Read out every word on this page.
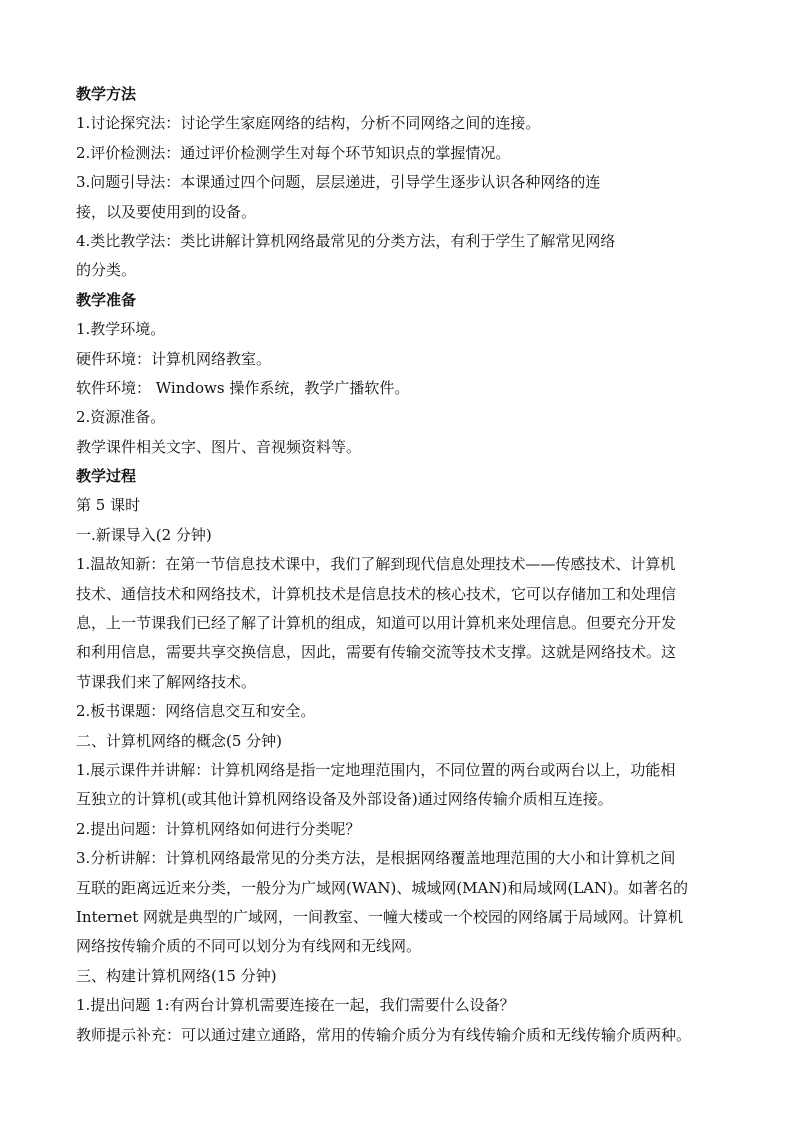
教学方法
1.讨论探究法：讨论学生家庭网络的结构，分析不同网络之间的连接。
2.评价检测法：通过评价检测学生对每个环节知识点的掌握情况。
3.问题引导法：本课通过四个问题，层层递进，引导学生逐步认识各种网络的连
接，以及要使用到的设备。
4.类比教学法：类比讲解计算机网络最常见的分类方法，有利于学生了解常见网络
的分类。
教学准备
1.教学环境。
硬件环境：计算机网络教室。
软件环境： Windows 操作系统，教学广播软件。
2.资源准备。
教学课件相关文字、图片、音视频资料等。
教学过程
第 5 课时
一.新课导入(2 分钟)
1.温故知新：在第一节信息技术课中，我们了解到现代信息处理技术——传感技术、计算机
技术、通信技术和网络技术，计算机技术是信息技术的核心技术，它可以存储加工和处理信
息，上一节课我们已经了解了计算机的组成，知道可以用计算机来处理信息。但要充分开发
和利用信息，需要共享交换信息，因此，需要有传输交流等技术支撑。这就是网络技术。这
节课我们来了解网络技术。
2.板书课题：网络信息交互和安全。
二、计算机网络的概念(5 分钟)
1.展示课件并讲解：计算机网络是指一定地理范围内，不同位置的两台或两台以上，功能相
互独立的计算机(或其他计算机网络设备及外部设备)通过网络传输介质相互连接。
2.提出问题：计算机网络如何进行分类呢？
3.分析讲解：计算机网络最常见的分类方法，是根据网络覆盖地理范围的大小和计算机之间
互联的距离远近来分类，一般分为广域网(WAN)、城域网(MAN)和局域网(LAN)。如著名的
Internet 网就是典型的广域网，一间教室、一幢大楼或一个校园的网络属于局域网。计算机
网络按传输介质的不同可以划分为有线网和无线网。
三、构建计算机网络(15 分钟)
1.提出问题 1:有两台计算机需要连接在一起，我们需要什么设备？
教师提示补充：可以通过建立通路，常用的传输介质分为有线传输介质和无线传输介质两种。
